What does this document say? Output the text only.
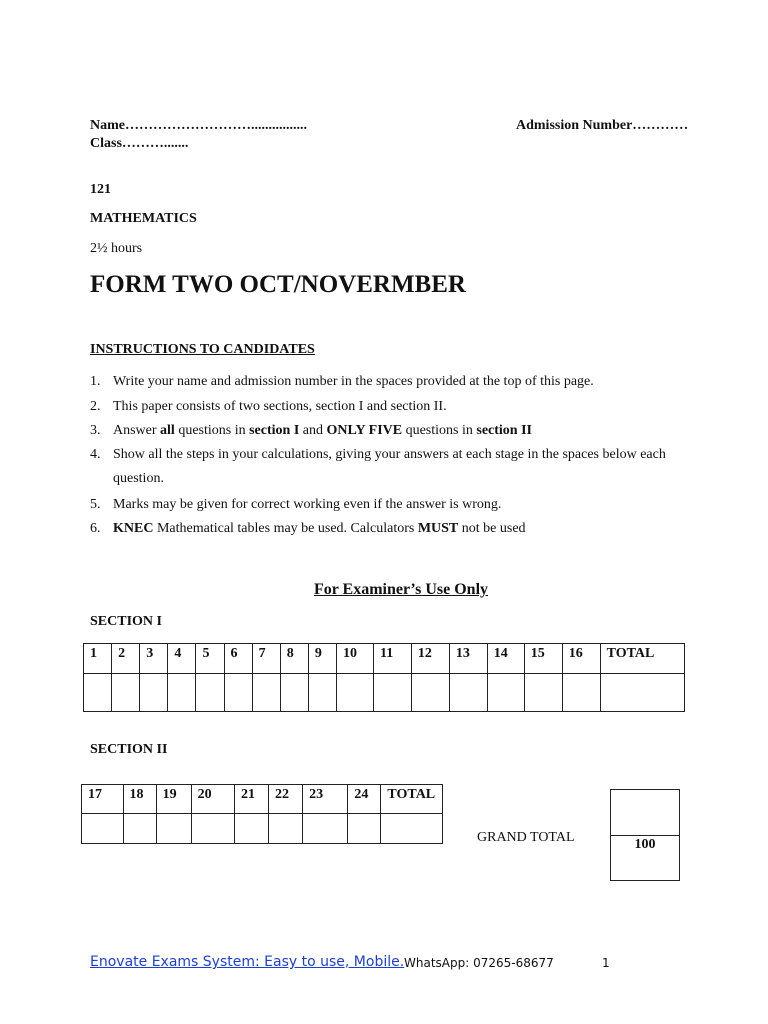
Name………………………................	Admission Number…………
Class……….......
121
MATHEMATICS
2½ hours
FORM TWO OCT/NOVERMBER
INSTRUCTIONS TO CANDIDATES
1. Write your name and admission number in the spaces provided at the top of this page.
2. This paper consists of two sections, section I and section II.
3. Answer all questions in section I and ONLY FIVE questions in section II
4. Show all the steps in your calculations, giving your answers at each stage in the spaces below each question.
5. Marks may be given for correct working even if the answer is wrong.
6. KNEC Mathematical tables may be used. Calculators MUST not be used
For Examiner’s Use Only
SECTION I
1	2	3	4	5	6	7	8	9	10	11	12	13	14	15	16	TOTAL

SECTION II
17	18	19	20	21	22	23	24	TOTAL

GRAND TOTAL	100
Enovate Exams System: Easy to use, Mobile. WhatsApp: 07265-68677	1
